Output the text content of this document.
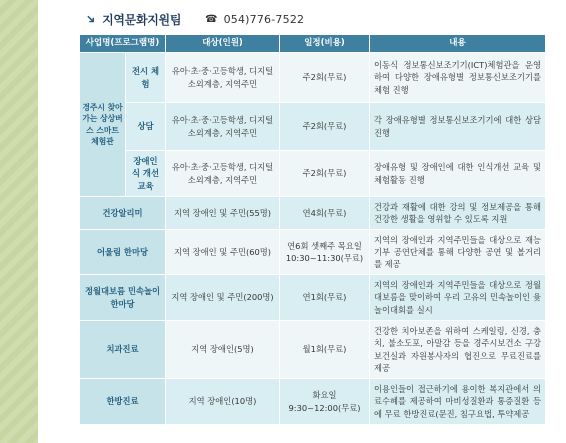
➜ 지역문화지원팀 ☎ 054)776-7522
사업명(프로그램명)		대상(인원)	일정(비용)	내용
경주시 찾아가는 상상버스 스마트 체험관	전시 체험	유아·초·중·고등학생, 디지털소외계층, 지역주민	주2회(무료)	이동식 정보통신보조기기(ICT)체험관을 운영하여 다양한 장애유형별 정보통신보조기기를 체험 진행
	상담	유아·초·중·고등학생, 디지털소외계층, 지역주민	주2회(무료)	각 장애유형별 정보통신보조기기에 대한 상담 진행
	장애인식 개선교육	유아·초·중·고등학생, 디지털소외계층, 지역주민	주2회(무료)	장애유형 및 장애인에 대한 인식개선 교육 및 체험활동 진행
건강알리미		지역 장애인 및 주민(55명)	연4회(무료)	건강과 재활에 대한 강의 및 정보제공을 통해 건강한 생활을 영위할 수 있도록 지원
어울림 한마당		지역 장애인 및 주민(60명)	연6회 셋째주 목요일 10:30~11:30(무료)	지역의 장애인과 지역주민들을 대상으로 재능기부 공연단체를 통해 다양한 공연 및 볼거리를 제공
정월대보름 민속놀이 한마당		지역 장애인 및 주민(200명)	연1회(무료)	지역의 장애인과 지역주민들을 대상으로 정월대보름을 맞이하여 우리 고유의 민속놀이인 윷놀이대회를 실시
치과진료		지역 장애인(5명)	월1회(무료)	건강한 치아보존을 위하여 스케일링, 신경, 충치, 불소도포, 아말감 등을 경주시보건소 구강보건실과 자원봉사자의 협진으로 무료진료를 제공
한방진료		지역 장애인(10명)	화요일 9:30~12:00(무료)	이용인들이 접근하기에 용이한 복지관에서 의료수혜를 제공하여 마비성질환과 통증질환 등에 무료 한방진료(문진, 침구요법, 투약제공
